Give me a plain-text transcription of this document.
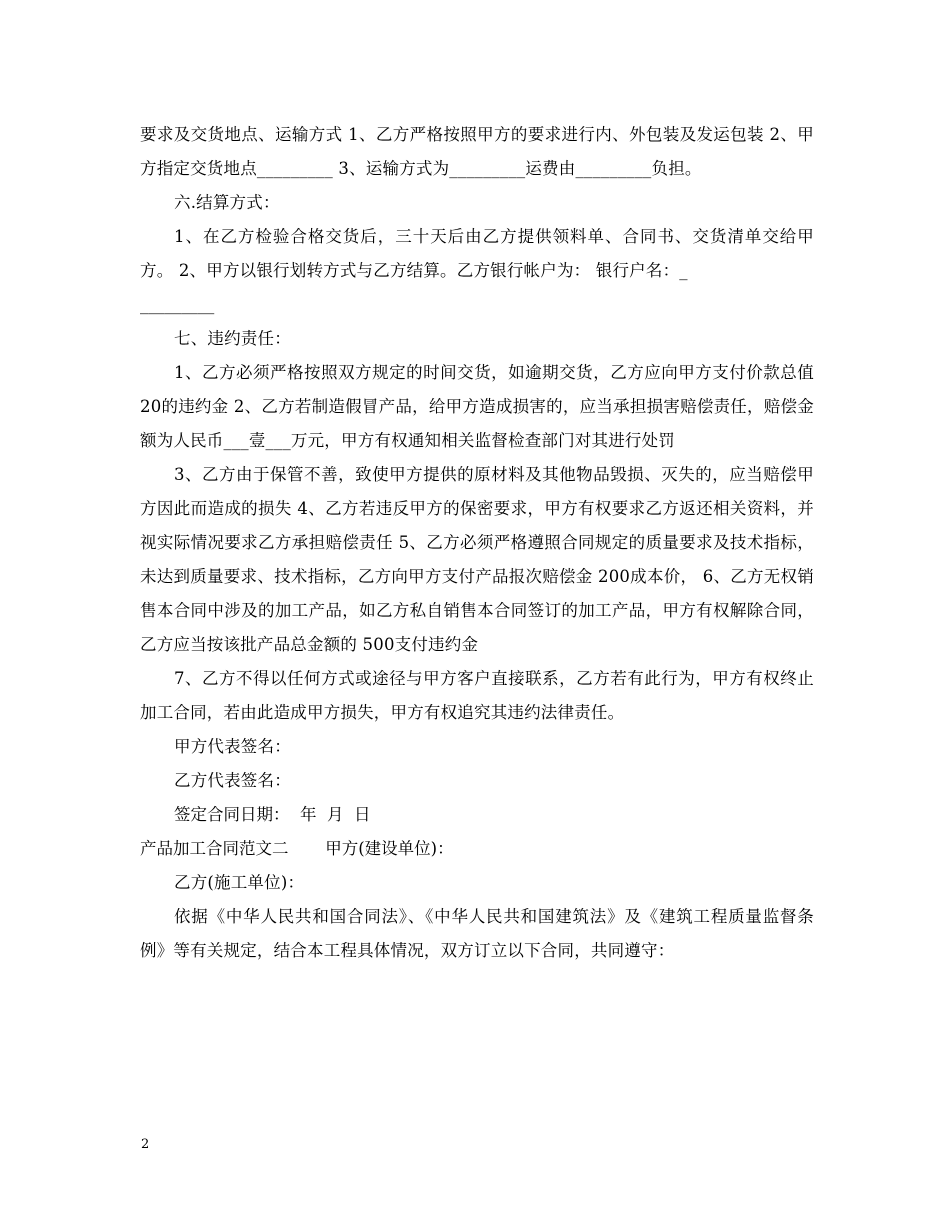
要求及交货地点、运输方式 1、乙方严格按照甲方的要求进行内、外包装及发运包装 2、甲方指定交货地点_________ 3、运输方式为_________运费由_________负担。

六.结算方式：

1、在乙方检验合格交货后，三十天后由乙方提供领料单、合同书、交货清单交给甲方。 2、甲方以银行划转方式与乙方结算。乙方银行帐户为： 银行户名：_

_________

七、违约责任：

1、乙方必须严格按照双方规定的时间交货，如逾期交货，乙方应向甲方支付价款总值 20的违约金 2、乙方若制造假冒产品，给甲方造成损害的，应当承担损害赔偿责任，赔偿金额为人民币___壹___万元，甲方有权通知相关监督检查部门对其进行处罚

3、乙方由于保管不善，致使甲方提供的原材料及其他物品毁损、灭失的，应当赔偿甲方因此而造成的损失 4、乙方若违反甲方的保密要求，甲方有权要求乙方返还相关资料，并视实际情况要求乙方承担赔偿责任 5、乙方必须严格遵照合同规定的质量要求及技术指标，未达到质量要求、技术指标，乙方向甲方支付产品报次赔偿金 200成本价， 6、乙方无权销售本合同中涉及的加工产品，如乙方私自销售本合同签订的加工产品，甲方有权解除合同，乙方应当按该批产品总金额的 500支付违约金

7、乙方不得以任何方式或途径与甲方客户直接联系，乙方若有此行为，甲方有权终止加工合同，若由此造成甲方损失，甲方有权追究其违约法律责任。

甲方代表签名：

乙方代表签名：

签定合同日期：  年  月  日

产品加工合同范文二       甲方(建设单位)：

乙方(施工单位)：

依据《中华人民共和国合同法》、《中华人民共和国建筑法》及《建筑工程质量监督条例》等有关规定，结合本工程具体情况，双方订立以下合同，共同遵守：

2
